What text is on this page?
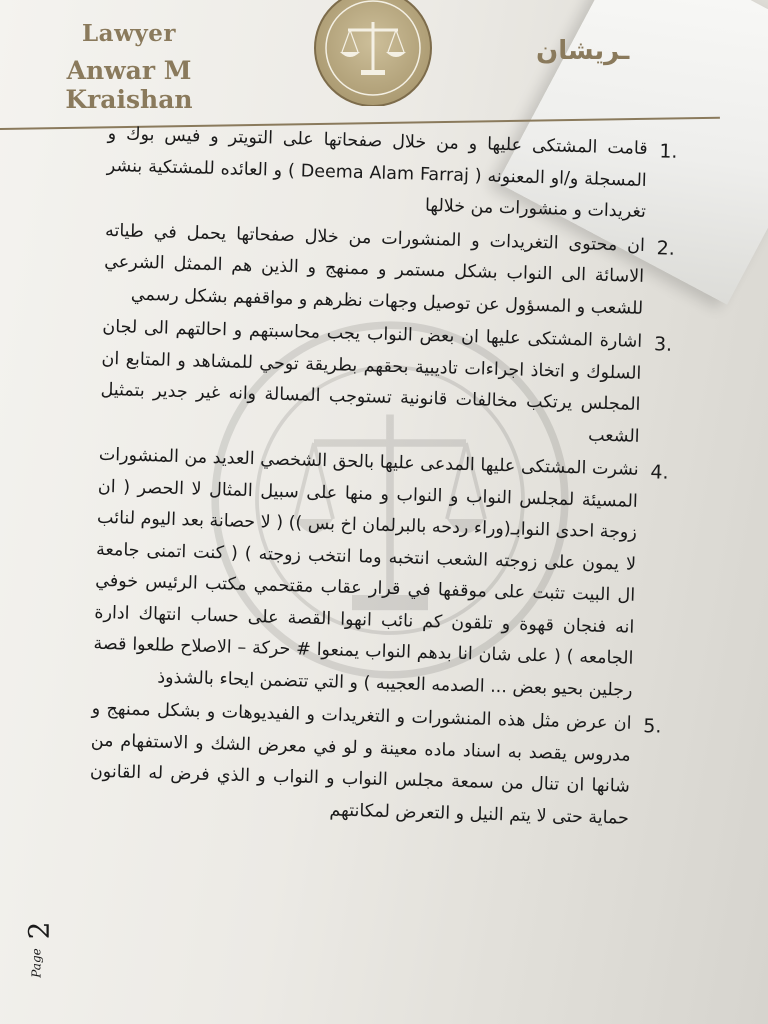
Lawyer
Anwar M Kraishan
ـريشان
1.
قامت المشتكى عليها و من خلال صفحاتها على التويتر و فيس بوك و المسجلة و/او المعنونه ( Deema Alam Farraj ) و العائده للمشتكية بنشر تغريدات و منشورات من خلالها
2.
ان محتوى التغريدات و المنشورات من خلال صفحاتها يحمل في طياته الاسائة الى النواب بشكل مستمر و ممنهج و الذين هم الممثل الشرعي للشعب و المسؤول عن توصيل وجهات نظرهم و مواقفهم بشكل رسمي
3.
اشارة المشتكى عليها ان بعض النواب يجب محاسبتهم و احالتهم الى لجان السلوك و اتخاذ اجراءات تاديبية بحقهم بطريقة توحي للمشاهد و المتابع ان المجلس يرتكب مخالفات قانونية تستوجب المسالة وانه غير جدير بتمثيل الشعب
4.
نشرت المشتكى عليها المدعى عليها بالحق الشخصي العديد من المنشورات المسيئة لمجلس النواب و النواب و منها على سبيل المثال لا الحصر ( ان زوجة احدى النوابـ(وراء ردحه بالبرلمان اخ بس )) ( لا حصانة بعد اليوم لنائب لا يمون على زوجته الشعب انتخبه وما انتخب زوجته ) ( كنت اتمنى جامعة ال البيت تثبت على موقفها في قرار عقاب مقتحمي مكتب الرئيس خوفي انه فنجان قهوة و تلقون كم نائب انهوا القصة على حساب انتهاك ادارة الجامعه ) ( على شان انا بدهم النواب يمنعوا # حركة – الاصلاح طلعوا قصة رجلين بحيو بعض ... الصدمه العجيبه ) و التي تتضمن ايحاء بالشذوذ
5.
ان عرض مثل هذه المنشورات و التغريدات و الفيديوهات و بشكل ممنهج و مدروس يقصد به اسناد ماده معينة و لو في معرض الشك و الاستفهام من شانها ان تنال من سمعة مجلس النواب و النواب و الذي فرض له القانون حماية حتى لا يتم النيل و التعرض لمكانتهم
Page
2
